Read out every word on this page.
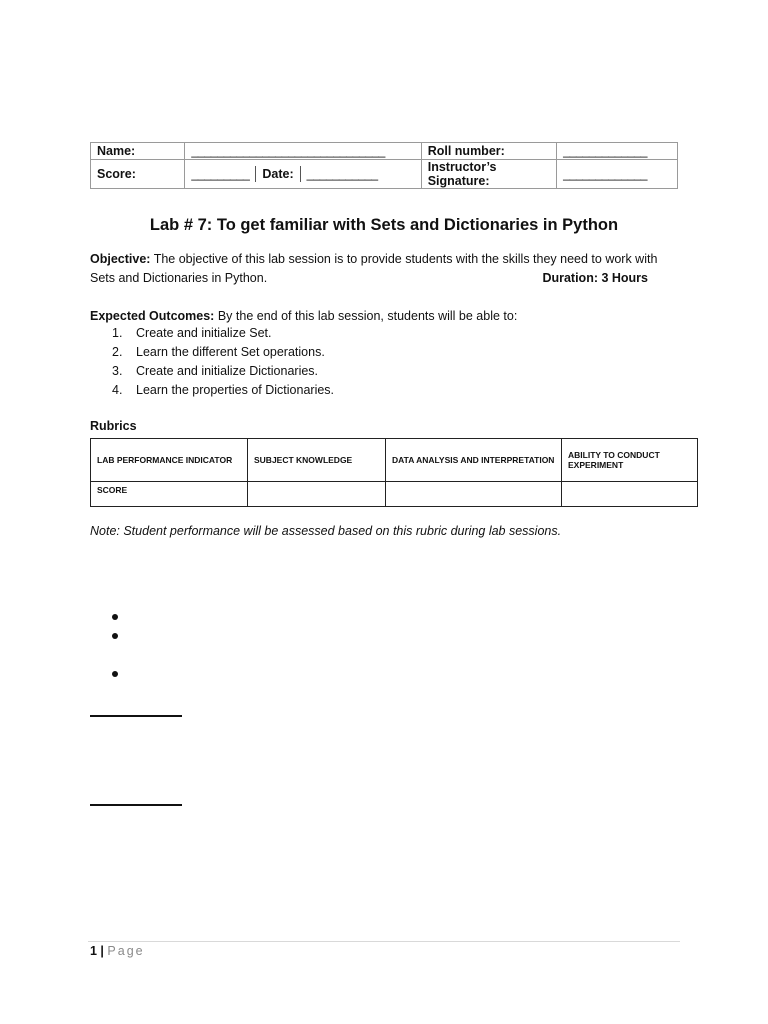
Name:	______________________________	Roll number:	_____________
Score:	_________ Date: ___________	Instructor’s Signature:	_____________
Lab # 7: To get familiar with Sets and Dictionaries in Python
Objective: The objective of this lab session is to provide students with the skills they need to work with Sets and Dictionaries in Python.	Duration: 3 Hours
Expected Outcomes: By the end of this lab session, students will be able to:
1.	Create and initialize Set.
2.	Learn the different Set operations.
3.	Create and initialize Dictionaries.
4.	Learn the properties of Dictionaries.
Rubrics
LAB PERFORMANCE INDICATOR	SUBJECT KNOWLEDGE	DATA ANALYSIS AND INTERPRETATION	ABILITY TO CONDUCT EXPERIMENT
SCORE			
Note: Student performance will be assessed based on this rubric during lab sessions.
1 | Page
